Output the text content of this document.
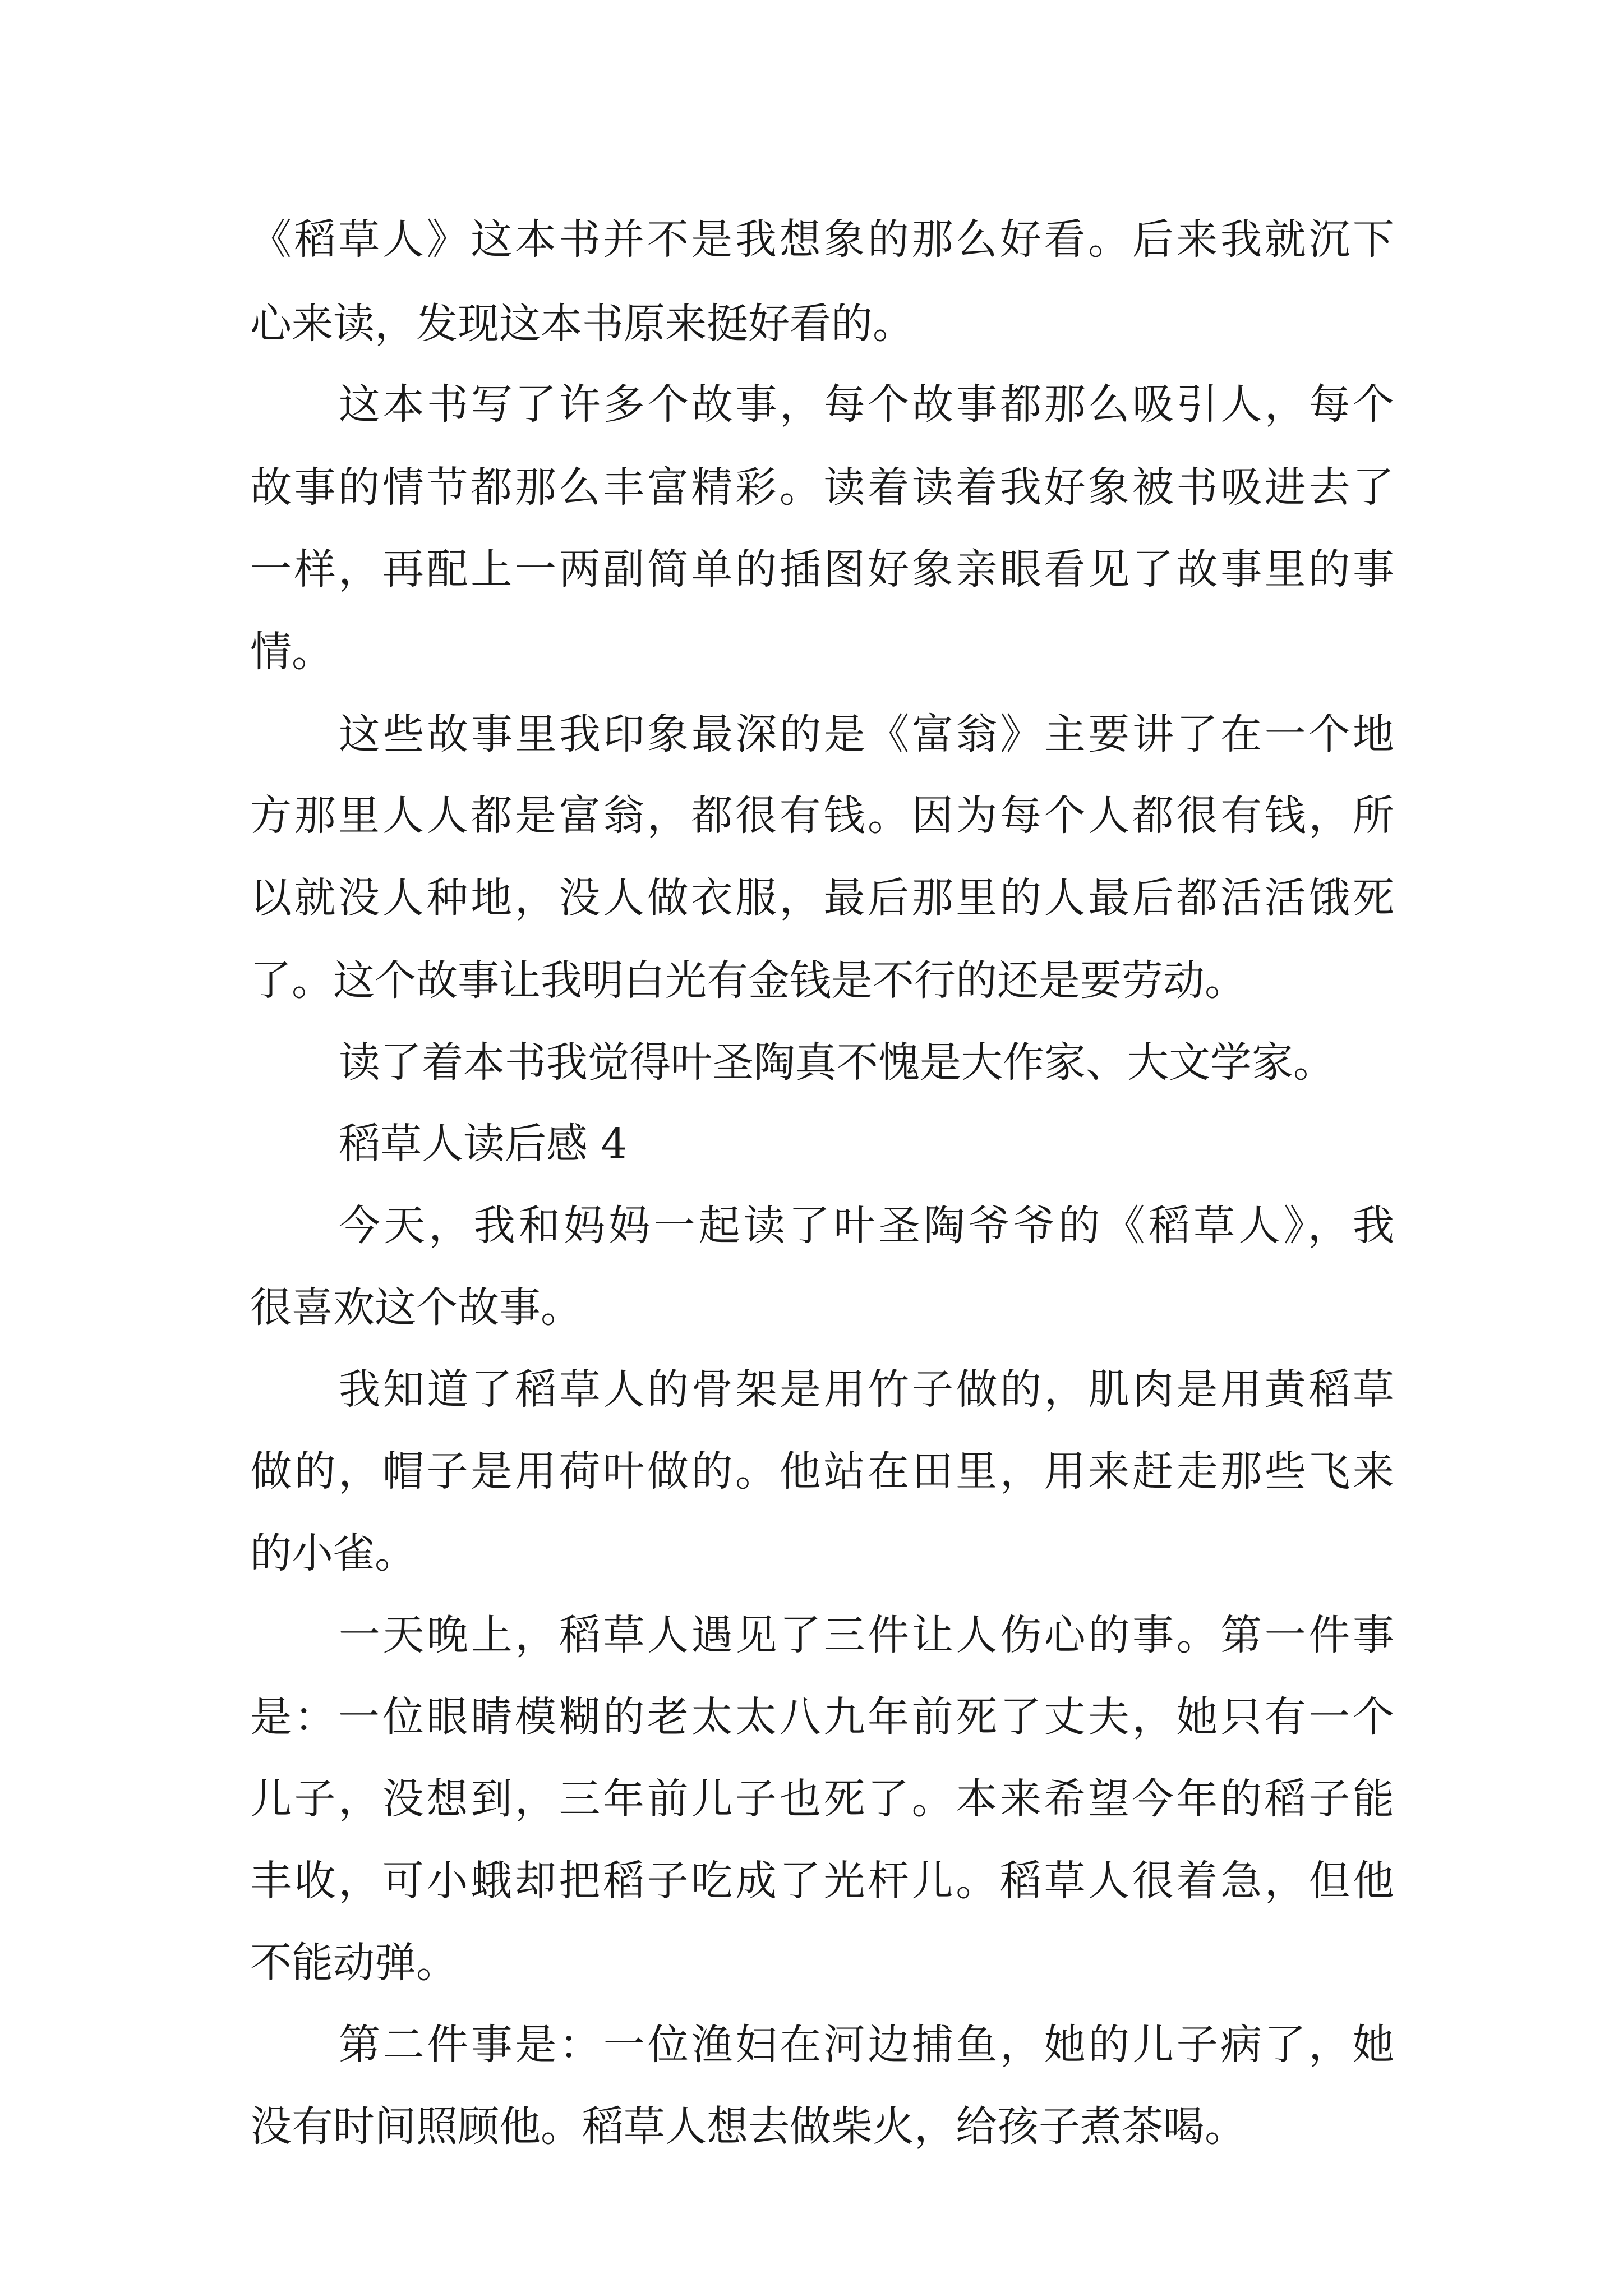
《稻草人》这本书并不是我想象的那么好看。后来我就沉下

心来读，发现这本书原来挺好看的。

这本书写了许多个故事，每个故事都那么吸引人，每个

故事的情节都那么丰富精彩。读着读着我好象被书吸进去了

一样，再配上一两副简单的插图好象亲眼看见了故事里的事

情。

这些故事里我印象最深的是《富翁》主要讲了在一个地

方那里人人都是富翁，都很有钱。因为每个人都很有钱，所

以就没人种地，没人做衣服，最后那里的人最后都活活饿死

了。这个故事让我明白光有金钱是不行的还是要劳动。

读了着本书我觉得叶圣陶真不愧是大作家、大文学家。

稻草人读后感 4

今天，我和妈妈一起读了叶圣陶爷爷的《稻草人》，我

很喜欢这个故事。

我知道了稻草人的骨架是用竹子做的，肌肉是用黄稻草

做的，帽子是用荷叶做的。他站在田里，用来赶走那些飞来

的小雀。

一天晚上，稻草人遇见了三件让人伤心的事。第一件事

是：一位眼睛模糊的老太太八九年前死了丈夫，她只有一个

儿子，没想到，三年前儿子也死了。本来希望今年的稻子能

丰收，可小蛾却把稻子吃成了光杆儿。稻草人很着急，但他

不能动弹。

第二件事是：一位渔妇在河边捕鱼，她的儿子病了，她

没有时间照顾他。稻草人想去做柴火，给孩子煮茶喝。
